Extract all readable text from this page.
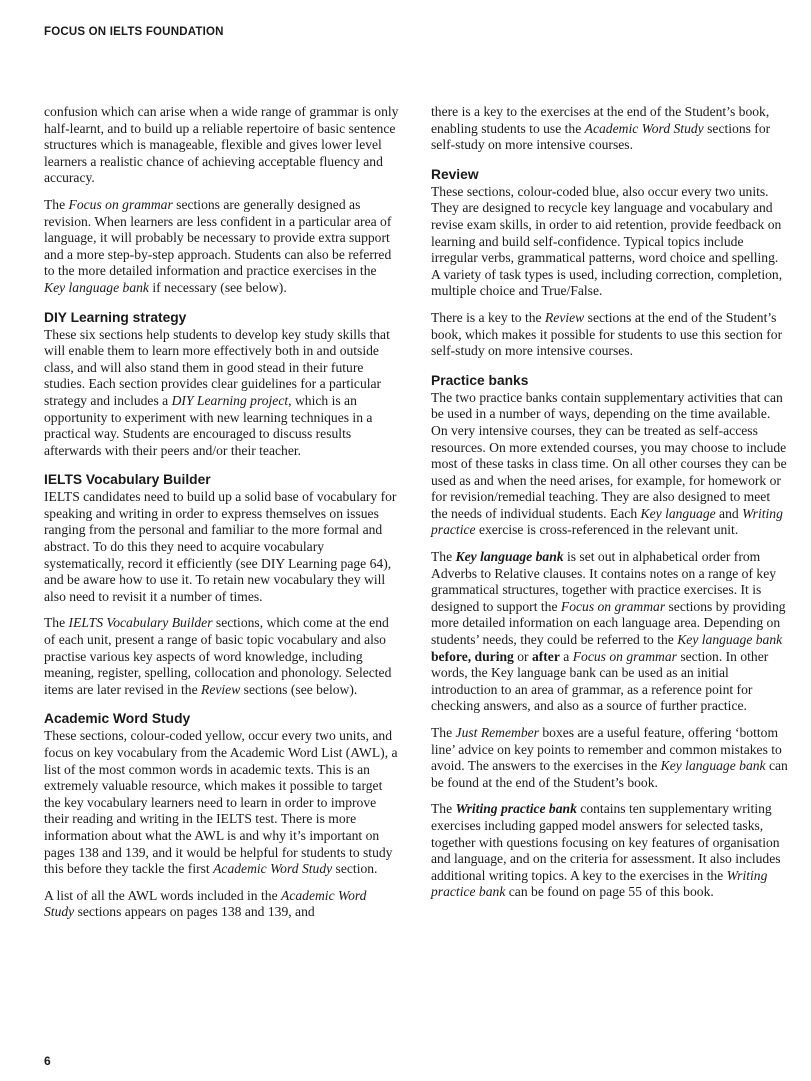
FOCUS ON IELTS FOUNDATION

confusion which can arise when a wide range of grammar is only half-learnt, and to build up a reliable repertoire of basic sentence structures which is manageable, flexible and gives lower level learners a realistic chance of achieving acceptable fluency and accuracy.

The Focus on grammar sections are generally designed as revision. When learners are less confident in a particular area of language, it will probably be necessary to provide extra support and a more step-by-step approach. Students can also be referred to the more detailed information and practice exercises in the Key language bank if necessary (see below).

DIY Learning strategy

These six sections help students to develop key study skills that will enable them to learn more effectively both in and outside class, and will also stand them in good stead in their future studies. Each section provides clear guidelines for a particular strategy and includes a DIY Learning project, which is an opportunity to experiment with new learning techniques in a practical way. Students are encouraged to discuss results afterwards with their peers and/or their teacher.

IELTS Vocabulary Builder

IELTS candidates need to build up a solid base of vocabulary for speaking and writing in order to express themselves on issues ranging from the personal and familiar to the more formal and abstract. To do this they need to acquire vocabulary systematically, record it efficiently (see DIY Learning page 64), and be aware how to use it. To retain new vocabulary they will also need to revisit it a number of times.

The IELTS Vocabulary Builder sections, which come at the end of each unit, present a range of basic topic vocabulary and also practise various key aspects of word knowledge, including meaning, register, spelling, collocation and phonology. Selected items are later revised in the Review sections (see below).

Academic Word Study

These sections, colour-coded yellow, occur every two units, and focus on key vocabulary from the Academic Word List (AWL), a list of the most common words in academic texts. This is an extremely valuable resource, which makes it possible to target the key vocabulary learners need to learn in order to improve their reading and writing in the IELTS test. There is more information about what the AWL is and why it’s important on pages 138 and 139, and it would be helpful for students to study this before they tackle the first Academic Word Study section.

A list of all the AWL words included in the Academic Word Study sections appears on pages 138 and 139, and

there is a key to the exercises at the end of the Student’s book, enabling students to use the Academic Word Study sections for self-study on more intensive courses.

Review

These sections, colour-coded blue, also occur every two units. They are designed to recycle key language and vocabulary and revise exam skills, in order to aid retention, provide feedback on learning and build self-confidence. Typical topics include irregular verbs, grammatical patterns, word choice and spelling. A variety of task types is used, including correction, completion, multiple choice and True/False.

There is a key to the Review sections at the end of the Student’s book, which makes it possible for students to use this section for self-study on more intensive courses.

Practice banks

The two practice banks contain supplementary activities that can be used in a number of ways, depending on the time available. On very intensive courses, they can be treated as self-access resources. On more extended courses, you may choose to include most of these tasks in class time. On all other courses they can be used as and when the need arises, for example, for homework or for revision/remedial teaching. They are also designed to meet the needs of individual students. Each Key language and Writing practice exercise is cross-referenced in the relevant unit.

The Key language bank is set out in alphabetical order from Adverbs to Relative clauses. It contains notes on a range of key grammatical structures, together with practice exercises. It is designed to support the Focus on grammar sections by providing more detailed information on each language area. Depending on students’ needs, they could be referred to the Key language bank before, during or after a Focus on grammar section. In other words, the Key language bank can be used as an initial introduction to an area of grammar, as a reference point for checking answers, and also as a source of further practice.

The Just Remember boxes are a useful feature, offering ‘bottom line’ advice on key points to remember and common mistakes to avoid. The answers to the exercises in the Key language bank can be found at the end of the Student’s book.

The Writing practice bank contains ten supplementary writing exercises including gapped model answers for selected tasks, together with questions focusing on key features of organisation and language, and on the criteria for assessment. It also includes additional writing topics. A key to the exercises in the Writing practice bank can be found on page 55 of this book.

6
